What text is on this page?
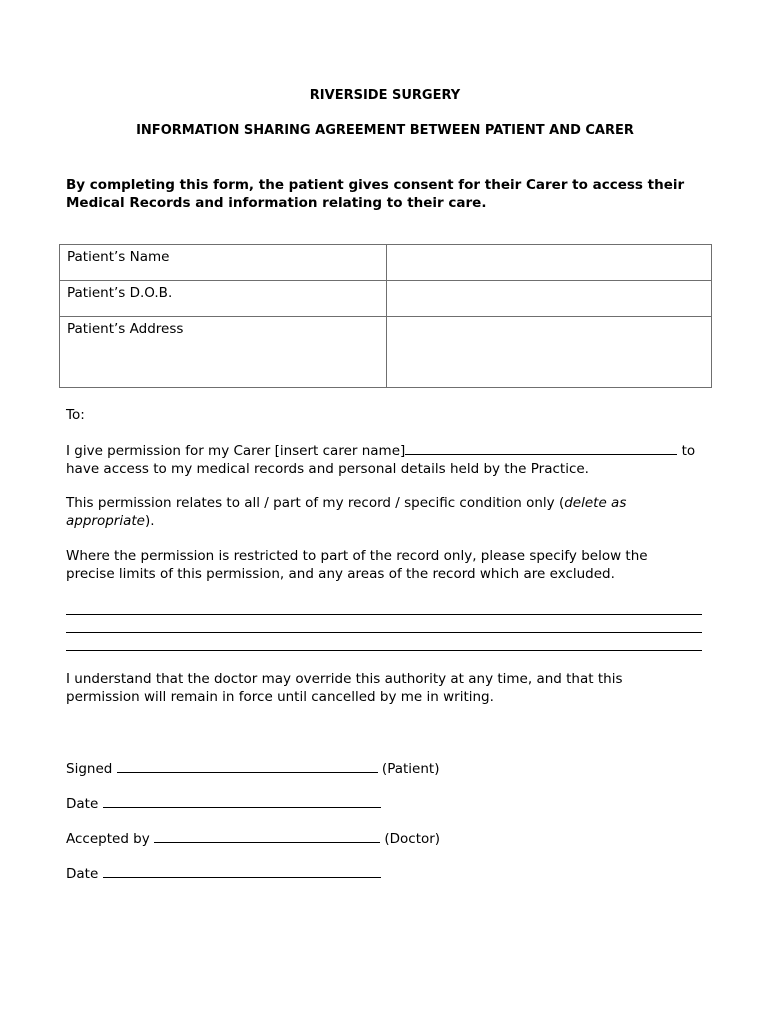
RIVERSIDE SURGERY
INFORMATION SHARING AGREEMENT BETWEEN PATIENT AND CARER

By completing this form, the patient gives consent for their Carer to access their Medical Records and information relating to their care.

Patient’s Name	
Patient’s D.O.B.	
Patient’s Address	

To:

I give permission for my Carer [insert carer name]	to
have access to my medical records and personal details held by the Practice.
This permission relates to all / part of my record / specific condition only (delete as appropriate).

Where the permission is restricted to part of the record only, please specify below the precise limits of this permission, and any areas of the record which are excluded.

I understand that the doctor may override this authority at any time, and that this permission will remain in force until cancelled by me in writing.

Signed	(Patient)
Date
Accepted by	(Doctor)
Date
